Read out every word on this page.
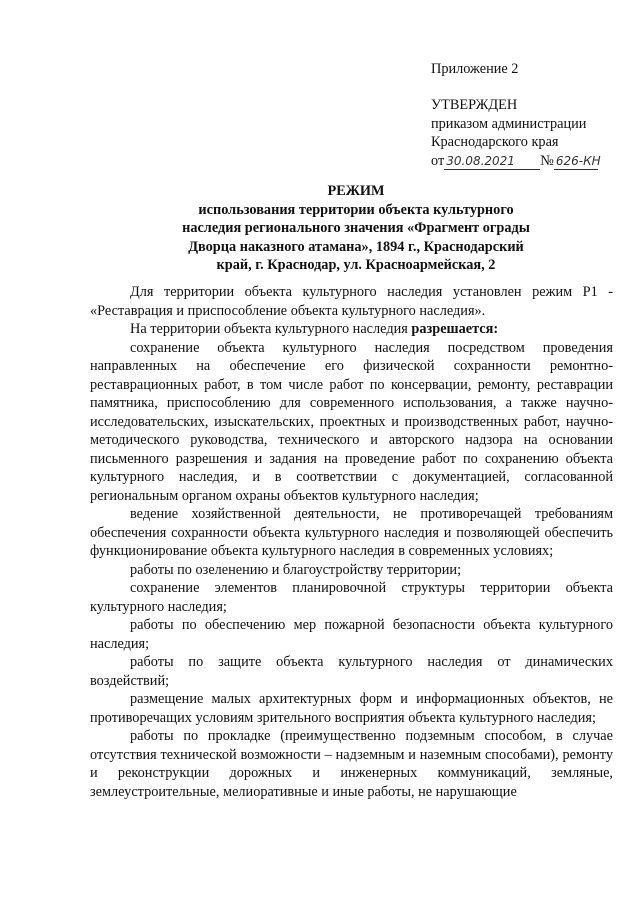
Приложение 2
УТВЕРЖДЕН
приказом администрации
Краснодарского края
от 30.08.2021 № 626-КН
РЕЖИМ
использования территории объекта культурного
наследия регионального значения «Фрагмент ограды
Дворца наказного атамана», 1894 г., Краснодарский
край, г. Краснодар, ул. Красноармейская, 2

Для территории объекта культурного наследия установлен режим Р1 - «Реставрация и приспособление объекта культурного наследия».

На территории объекта культурного наследия разрешается:

сохранение объекта культурного наследия посредством проведения направленных на обеспечение его физической сохранности ремонтно-реставрационных работ, в том числе работ по консервации, ремонту, реставрации памятника, приспособлению для современного использования, а также научно-исследовательских, изыскательских, проектных и производственных работ, научно-методического руководства, технического и авторского надзора на основании письменного разрешения и задания на проведение работ по сохранению объекта культурного наследия, и в соответствии с документацией, согласованной региональным органом охраны объектов культурного наследия;

ведение хозяйственной деятельности, не противоречащей требованиям обеспечения сохранности объекта культурного наследия и позволяющей обеспечить функционирование объекта культурного наследия в современных условиях;

работы по озеленению и благоустройству территории;

сохранение элементов планировочной структуры территории объекта культурного наследия;

работы по обеспечению мер пожарной безопасности объекта культурного наследия;

работы по защите объекта культурного наследия от динамических воздействий;

размещение малых архитектурных форм и информационных объектов, не противоречащих условиям зрительного восприятия объекта культурного наследия;

работы по прокладке (преимущественно подземным способом, в случае отсутствия технической возможности – надземным и наземным способами), ремонту и реконструкции дорожных и инженерных коммуникаций, земляные, землеустроительные, мелиоративные и иные работы, не нарушающие
